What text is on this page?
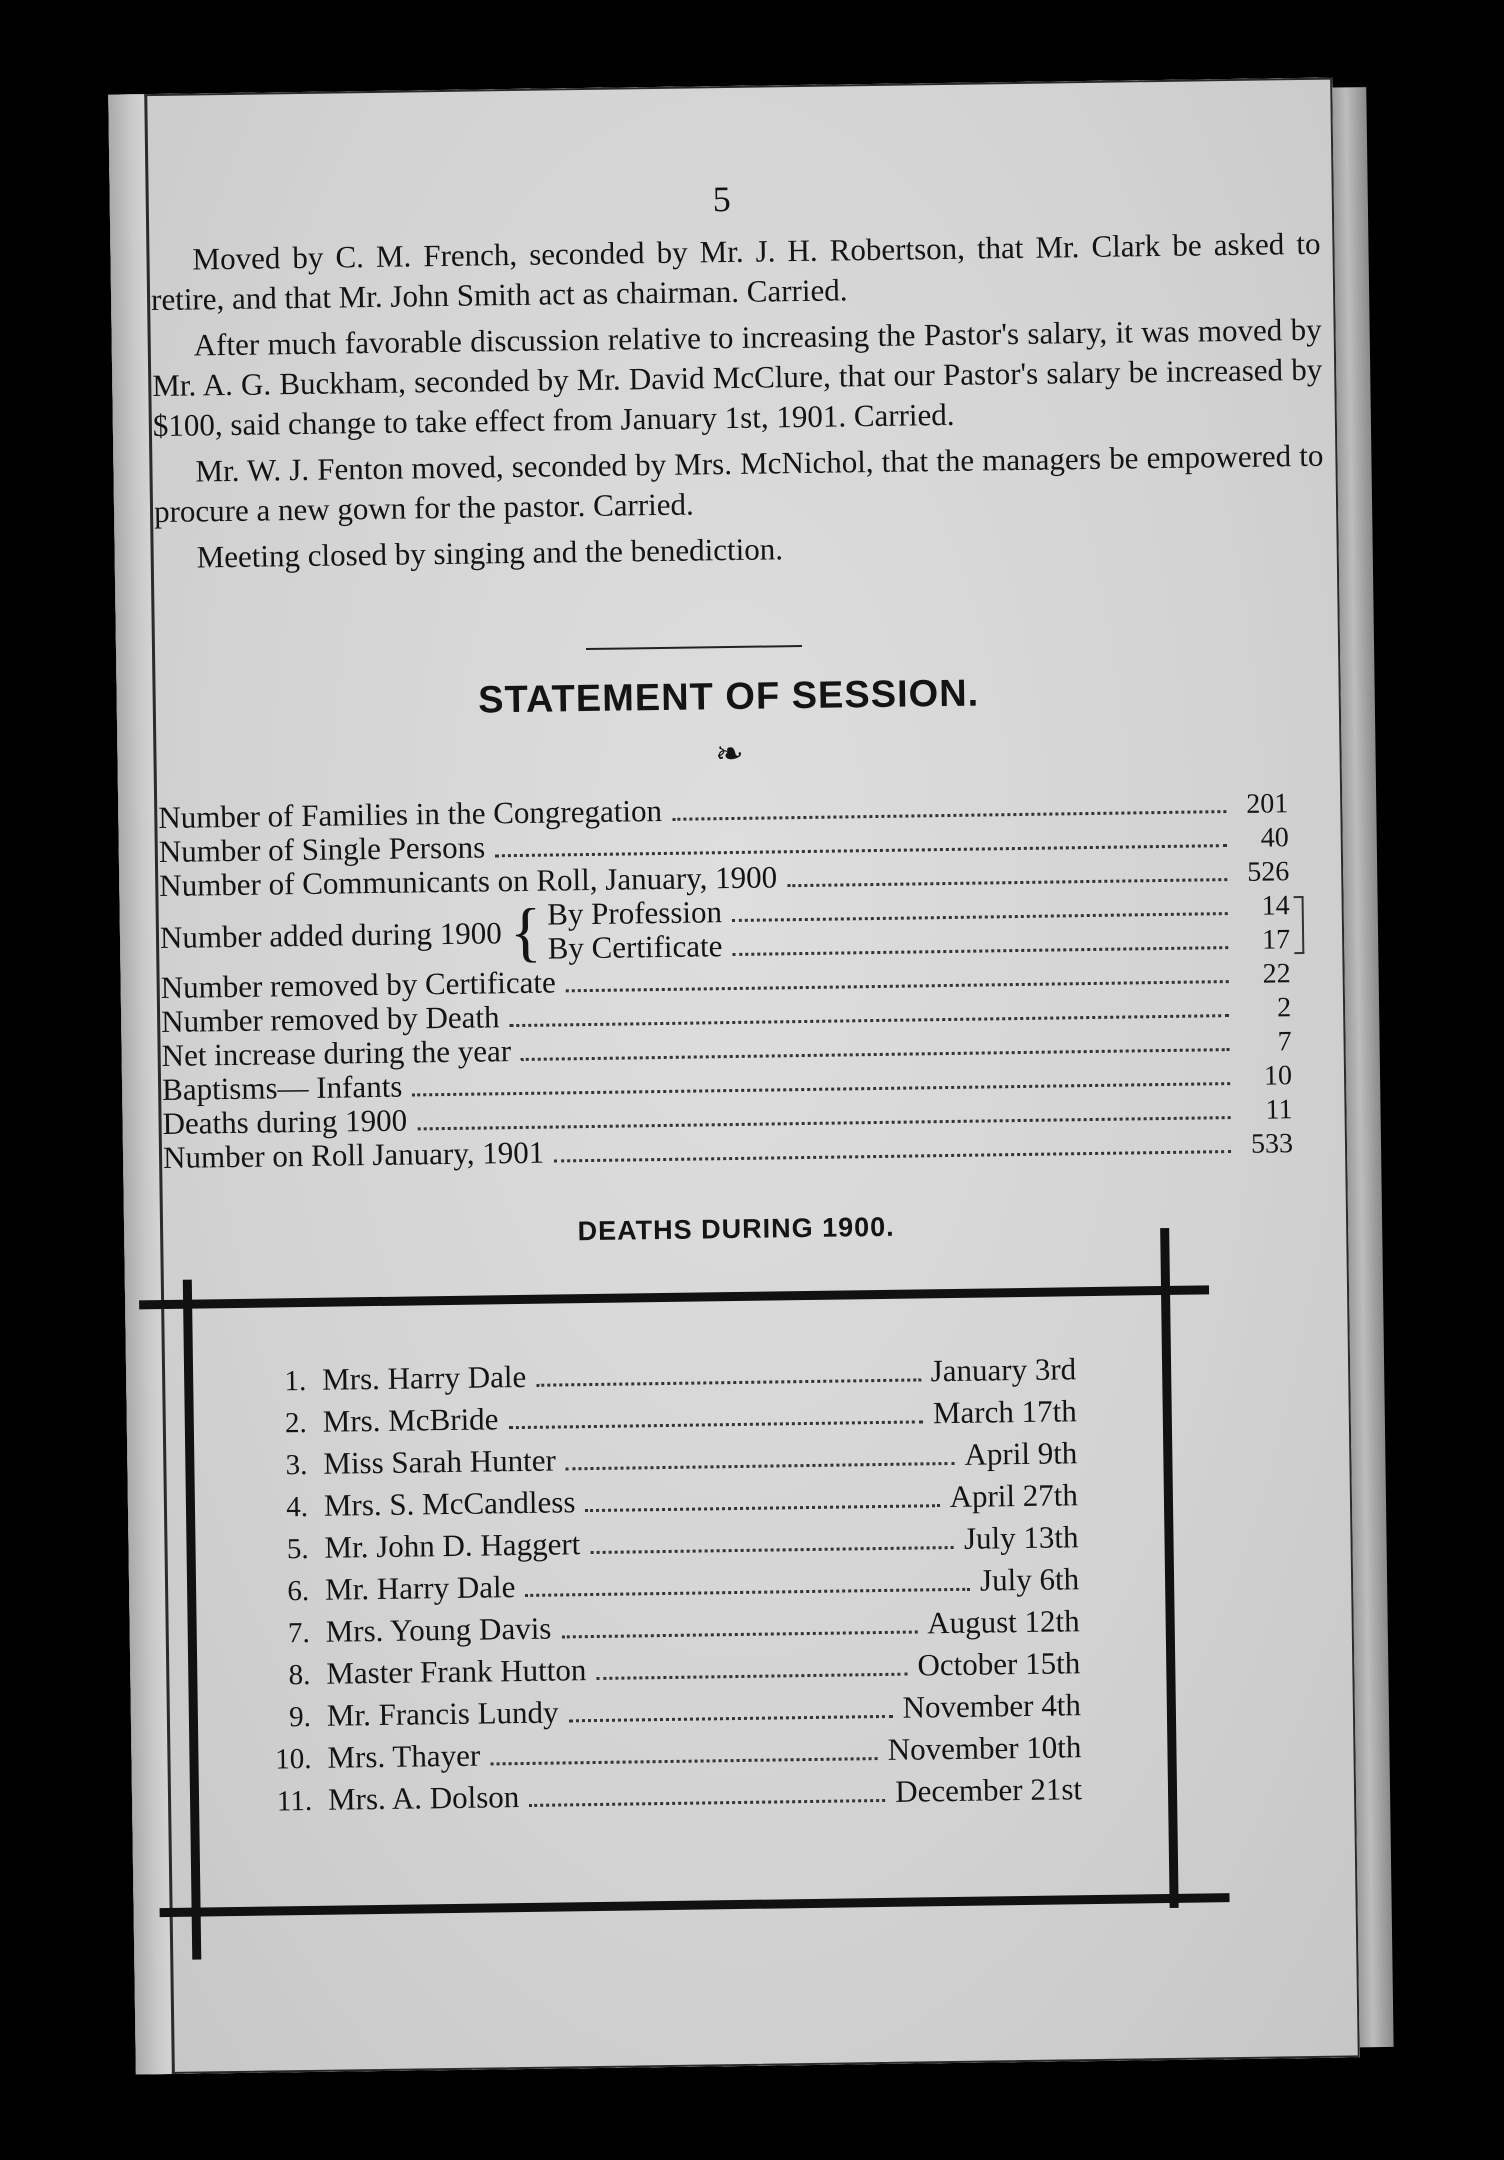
5

Moved by C. M. French, seconded by Mr. J. H. Robertson, that Mr. Clark be asked to retire, and that Mr. John Smith act as chairman. Carried.

After much favorable discussion relative to increasing the Pastor's salary, it was moved by Mr. A. G. Buckham, seconded by Mr. David McClure, that our Pastor's salary be increased by $100, said change to take effect from January 1st, 1901. Carried.

Mr. W. J. Fenton moved, seconded by Mrs. McNichol, that the managers be empowered to procure a new gown for the pastor. Carried.

Meeting closed by singing and the benediction.

STATEMENT OF SESSION.
❧
Number of Families in the Congregation	201
Number of Single Persons	40
Number of Communicants on Roll, January, 1900	526
Number added during 1900 { By Profession	14
By Certificate	17
Number removed by Certificate	22
Number removed by Death	2
Net increase during the year	7
Baptisms— Infants	10
Deaths during 1900	11
Number on Roll January, 1901	533
DEATHS DURING 1900.
1. Mrs. Harry Dale	January 3rd
2. Mrs. McBride	March 17th
3. Miss Sarah Hunter	April 9th
4. Mrs. S. McCandless	April 27th
5. Mr. John D. Haggert	July 13th
6. Mr. Harry Dale	July 6th
7. Mrs. Young Davis	August 12th
8. Master Frank Hutton	October 15th
9. Mr. Francis Lundy	November 4th
10. Mrs. Thayer	November 10th
11. Mrs. A. Dolson	December 21st
